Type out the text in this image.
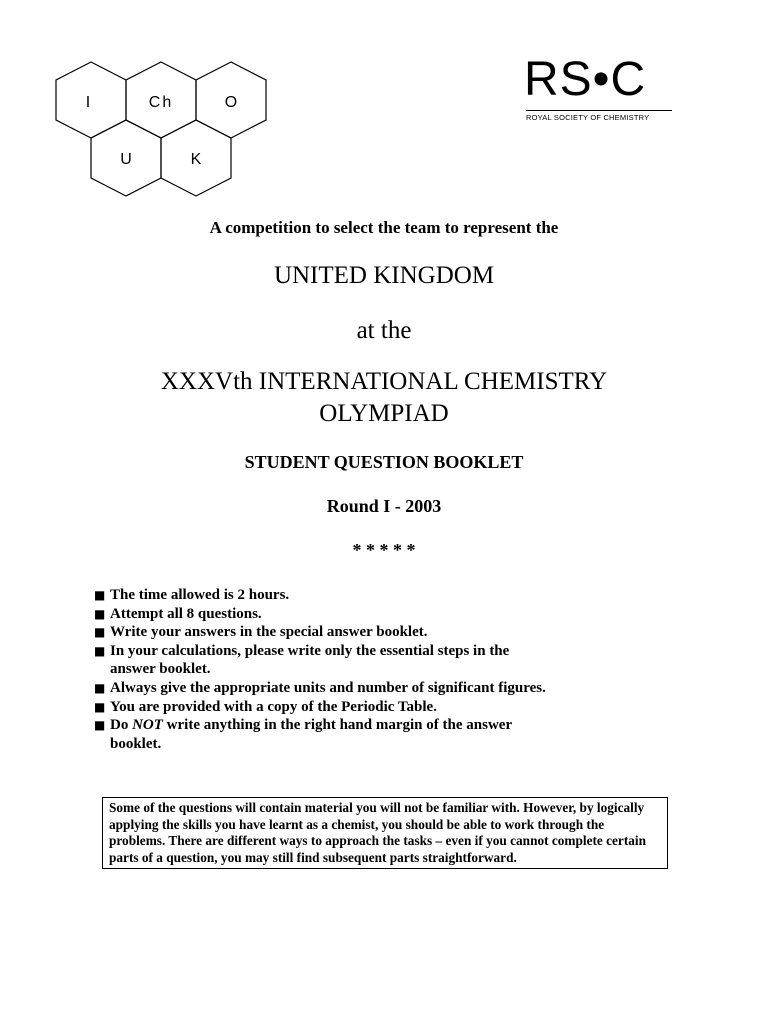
I	Ch	O
U	K
RS•C
ROYAL SOCIETY OF CHEMISTRY
A competition to select the team to represent the
UNITED KINGDOM
at the
XXXVth INTERNATIONAL CHEMISTRY
OLYMPIAD
STUDENT QUESTION BOOKLET
Round I - 2003
* * * * *
■ The time allowed is 2 hours.
■ Attempt all 8 questions.
■ Write your answers in the special answer booklet.
■ In your calculations, please write only the essential steps in the answer booklet.
■ Always give the appropriate units and number of significant figures.
■ You are provided with a copy of the Periodic Table.
■ Do NOT write anything in the right hand margin of the answer booklet.
Some of the questions will contain material you will not be familiar with. However, by logically applying the skills you have learnt as a chemist, you should be able to work through the problems. There are different ways to approach the tasks – even if you cannot complete certain parts of a question, you may still find subsequent parts straightforward.
